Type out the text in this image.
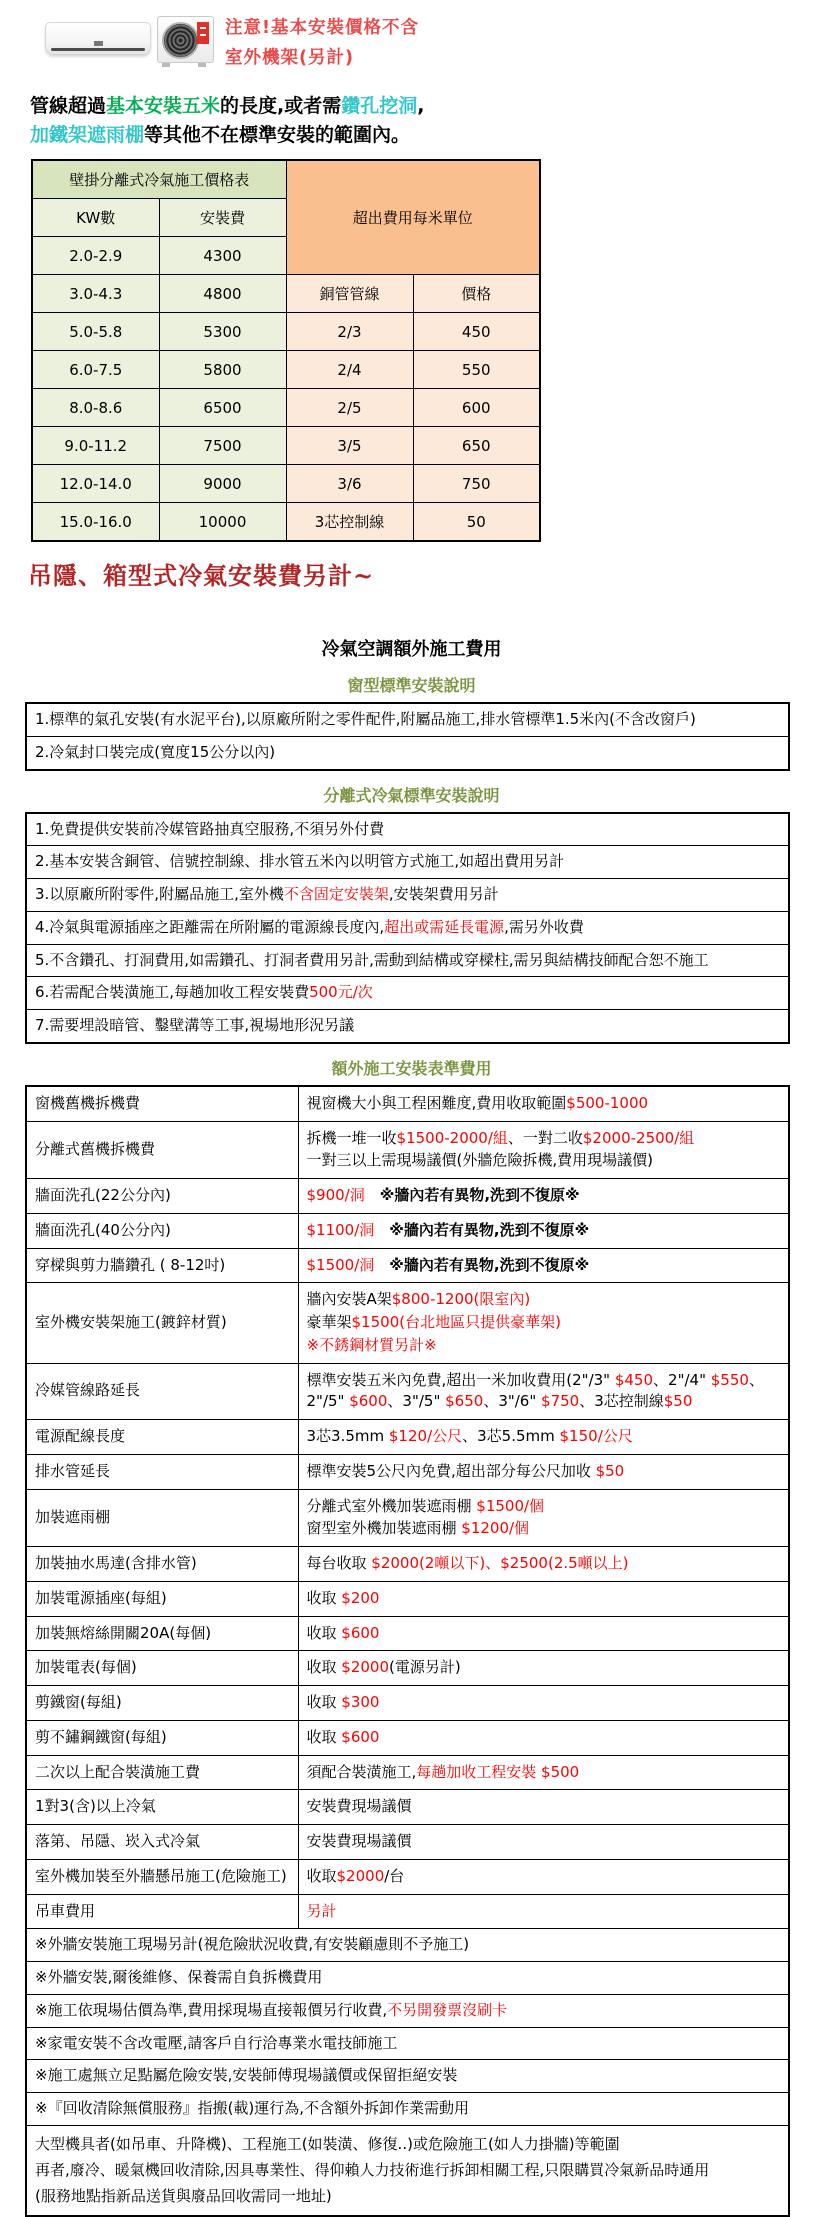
注意!基本安裝價格不含
室外機架(另計)
管線超過基本安裝五米的長度,或者需鑽孔挖洞,
加鐵架遮雨棚等其他不在標準安裝的範圍內。
壁掛分離式冷氣施工價格表		超出費用每米單位	
KW數	安裝費		
2.0-2.9	4300		
3.0-4.3	4800	銅管管線	價格
5.0-5.8	5300	2/3	450
6.0-7.5	5800	2/4	550
8.0-8.6	6500	2/5	600
9.0-11.2	7500	3/5	650
12.0-14.0	9000	3/6	750
15.0-16.0	10000	3芯控制線	50
吊隱、箱型式冷氣安裝費另計~
冷氣空調額外施工費用
窗型標準安裝說明
1.標準的氣孔安裝(有水泥平台),以原廠所附之零件配件,附屬品施工,排水管標準1.5米內(不含改窗戶)
2.冷氣封口裝完成(寬度15公分以內)
分離式冷氣標準安裝說明
1.免費提供安裝前冷媒管路抽真空服務,不須另外付費
2.基本安裝含銅管、信號控制線、排水管五米內以明管方式施工,如超出費用另計
3.以原廠所附零件,附屬品施工,室外機不含固定安裝架,安裝架費用另計
4.冷氣與電源插座之距離需在所附屬的電源線長度內,超出或需延長電源,需另外收費
5.不含鑽孔、打洞費用,如需鑽孔、打洞者費用另計,需動到結構或穿樑柱,需另與結構技師配合恕不施工
6.若需配合裝潢施工,每趟加收工程安裝費500元/次
7.需要埋設暗管、鑿壁溝等工事,視場地形況另議
額外施工安裝表準費用
窗機舊機拆機費	視窗機大小與工程困難度,費用收取範圍$500-1000

分離式舊機拆機費	拆機一堆一收$1500-2000/組、一對二收$2000-2500/組
一對三以上需現場議價(外牆危險拆機,費用現場議價)

牆面洗孔(22公分內)	$900/洞　※牆內若有異物,洗到不復原※

牆面洗孔(40公分內)	$1100/洞　※牆內若有異物,洗到不復原※

穿樑與剪力牆鑽孔 ( 8-12吋)	$1500/洞　※牆內若有異物,洗到不復原※

室外機安裝架施工(鍍鋅材質)	牆內安裝A架$800-1200(限室內)
豪華架$1500(台北地區只提供豪華架)
※不銹鋼材質另計※

冷媒管線路延長	標準安裝五米內免費,超出一米加收費用(2"/3" $450、2"/4" $550、2"/5" $600、3"/5" $650、3"/6" $750、3芯控制線$50

電源配線長度	3芯3.5mm $120/公尺、3芯5.5mm $150/公尺

排水管延長	標準安裝5公尺內免費,超出部分每公尺加收 $50

加裝遮雨棚	分離式室外機加裝遮雨棚 $1500/個
窗型室外機加裝遮雨棚 $1200/個

加裝抽水馬達(含排水管)	每台收取 $2000(2噸以下)、$2500(2.5噸以上)

加裝電源插座(每組)	收取 $200

加裝無熔絲開關20A(每個)	收取 $600

加裝電表(每個)	收取 $2000(電源另計)

剪鐵窗(每組)	收取 $300

剪不鏽鋼鐵窗(每組)	收取 $600

二次以上配合裝潢施工費	須配合裝潢施工,每趟加收工程安裝 $500

1對3(含)以上冷氣	安裝費現場議價

落第、吊隱、崁入式冷氣	安裝費現場議價

室外機加裝至外牆懸吊施工(危險施工)	收取$2000/台

吊車費用	另計

※外牆安裝施工現場另計(視危險狀況收費,有安裝顧慮則不予施工)	
※外牆安裝,爾後維修、保養需自負拆機費用	
※施工依現場估價為準,費用採現場直接報價另行收費,不另開發票沒刷卡	
※家電安裝不含改電壓,請客戶自行洽專業水電技師施工	
※施工處無立足點屬危險安裝,安裝師傅現場議價或保留拒絕安裝	
※『回收清除無償服務』指搬(載)運行為,不含額外拆卸作業需動用	

大型機具者(如吊車、升降機)、工程施工(如裝潢、修復..)或危險施工(如人力掛牆)等範圍
再者,廢冷、暖氣機回收清除,因具專業性、得仰賴人力技術進行拆卸相關工程,只限購買冷氣新品時通用
(服務地點指新品送貨與廢品回收需同一地址)	
